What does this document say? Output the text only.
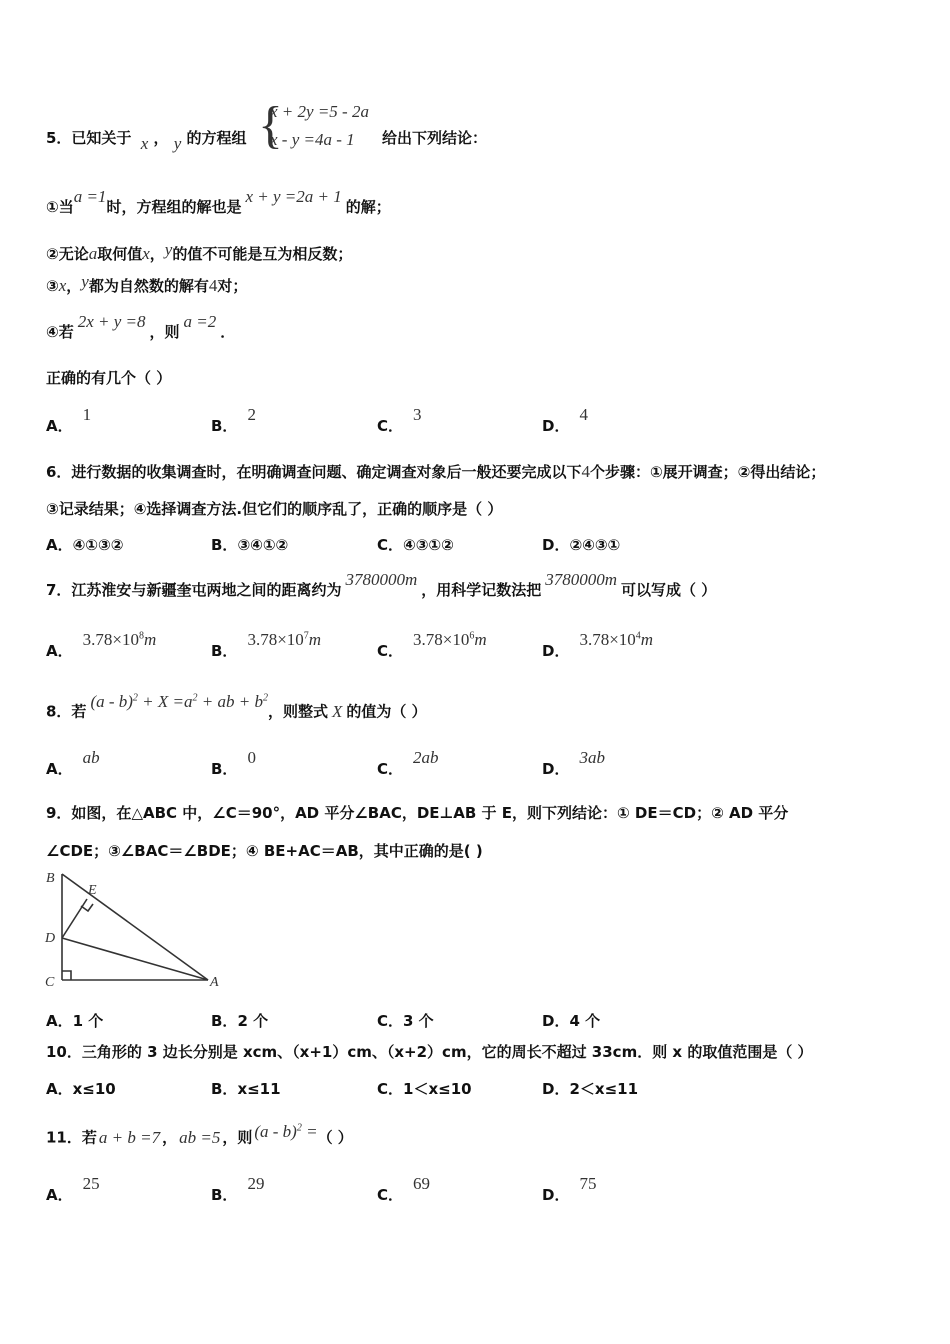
5．已知关于 x ， y 的方程组 {
x + 2y =5 - 2a
x - y =4a - 1 给出下列结论：
①当a =1时，方程组的解也是x + y =2a + 1的解；
②无论a取何值x，y的值不可能是互为相反数；
③x，y都为自然数的解有4对；
④若2x + y =8，则a =2．
正确的有几个（ ）
A．1
B．2
C．3
D．4
6．进行数据的收集调查时，在明确调查问题、确定调查对象后一般还要完成以下4个步骤：①展开调查；②得出结论；
③记录结果；④选择调查方法.但它们的顺序乱了，正确的顺序是（ ）
A．④①③②	B．③④①②	C．④③①②	D．②④③①
7．江苏淮安与新疆奎屯两地之间的距离约为3780000m，用科学记数法把3780000m可以写成（ ）
A．$3.78\times 10^8m$
B．$3.78\times 10^7m$
C．$3.78\times 10^6m$
D．$3.78\times 10^4m$
8．若$(a - b)^2 + X =a^2$ + ab + $b^2$，则整式 X 的值为（ ）
A．ab
B．0
C．2ab
D．3ab
9．如图，在△ABC 中，∠C＝90°，AD 平分∠BAC，DE⊥AB 于 E，则下列结论：① DE＝CD；② AD 平分
∠CDE；③∠BAC＝∠BDE；④ BE+AC＝AB，其中正确的是( )
B
E
D
C	A
A．1 个	B．2 个	C．3 个	D．4 个
10．三角形的 3 边长分别是 xcm、（x+1）cm、（x+2）cm，它的周长不超过 33cm．则 x 的取值范围是（ ）
A．x≤10	B．x≤11	C．1＜x≤10	D．2＜x≤11
11．若 a + b =7 ， ab =5 ，则 (a - b)$^2$ =（ ）
A．25
B．29
C．69
D．75
